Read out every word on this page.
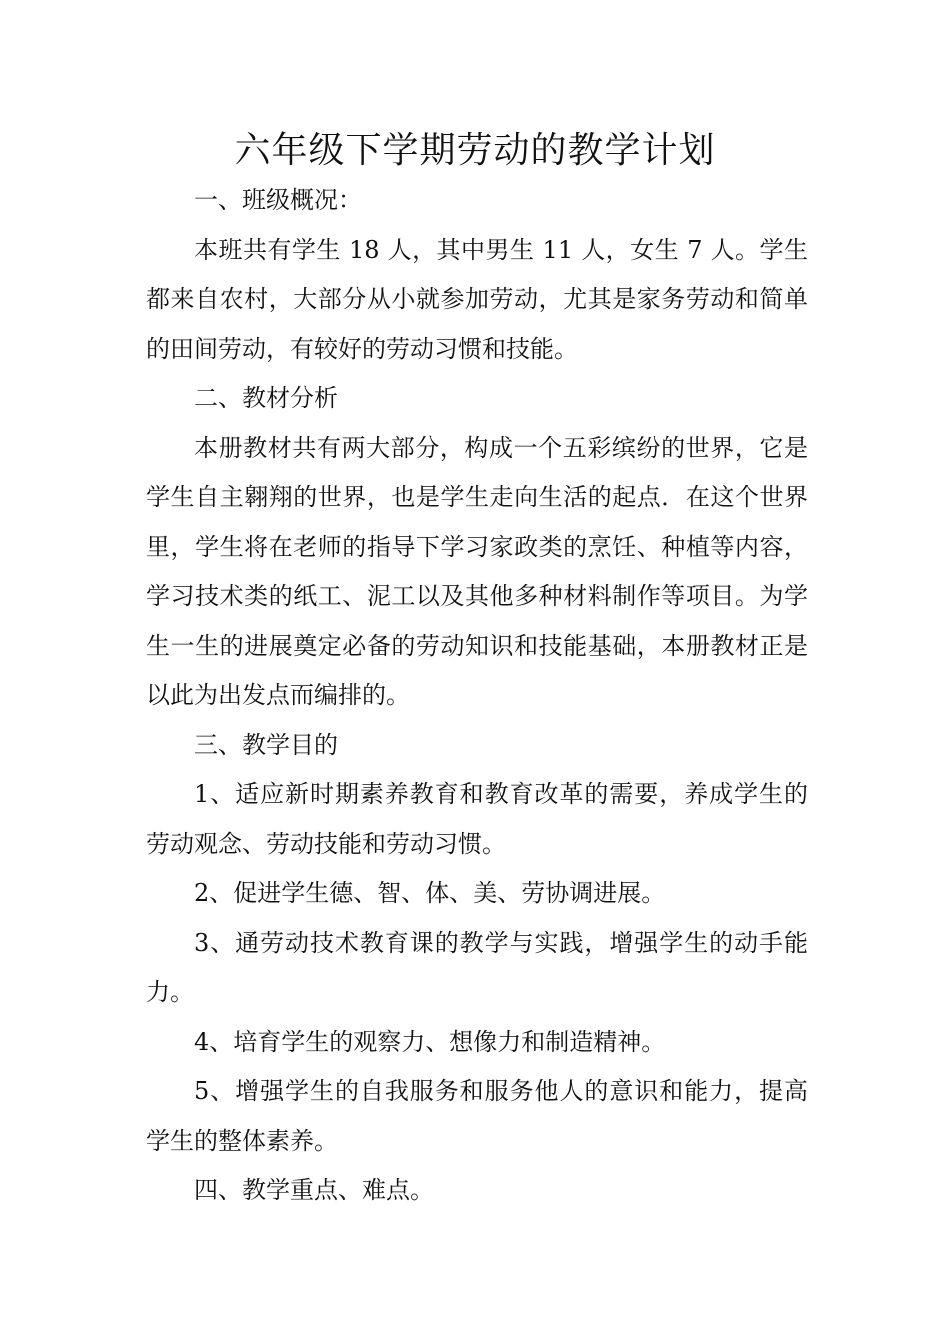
六年级下学期劳动的教学计划

一、班级概况：

本班共有学生 18 人，其中男生 11 人，女生 7 人。学生都来自农村，大部分从小就参加劳动，尤其是家务劳动和简单的田间劳动，有较好的劳动习惯和技能。

二、教材分析

本册教材共有两大部分，构成一个五彩缤纷的世界，它是学生自主翱翔的世界，也是学生走向生活的起点．在这个世界里，学生将在老师的指导下学习家政类的烹饪、种植等内容，学习技术类的纸工、泥工以及其他多种材料制作等项目。为学生一生的进展奠定必备的劳动知识和技能基础，本册教材正是以此为出发点而编排的。

三、教学目的

1、适应新时期素养教育和教育改革的需要，养成学生的劳动观念、劳动技能和劳动习惯。

2、促进学生德、智、体、美、劳协调进展。

3、通劳动技术教育课的教学与实践，增强学生的动手能力。

4、培育学生的观察力、想像力和制造精神。

5、增强学生的自我服务和服务他人的意识和能力，提高学生的整体素养。

四、教学重点、难点。
